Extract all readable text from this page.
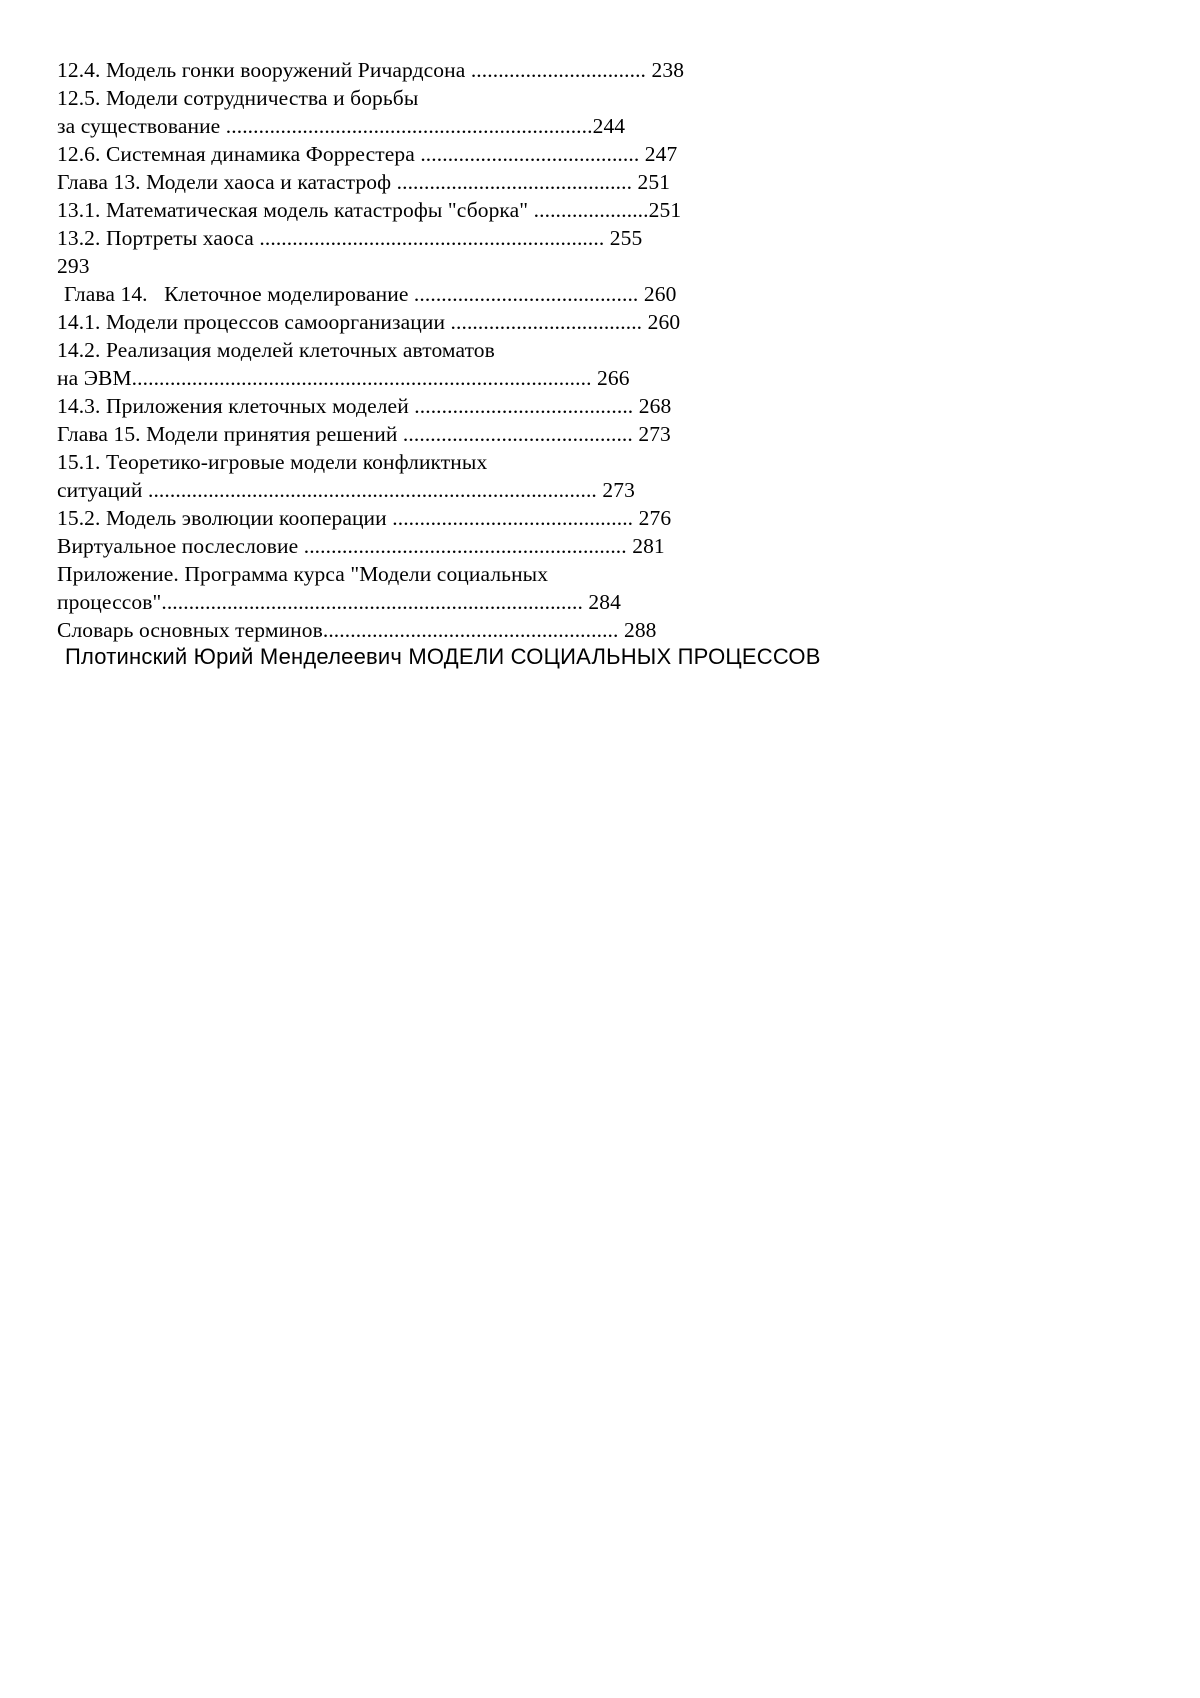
12.4. Модель гонки вооружений Ричардсона ................................ 238
12.5. Модели сотрудничества и борьбы
за существование ...................................................................244
12.6. Системная динамика Форрестера ........................................ 247
Глава 13. Модели хаоса и катастроф ........................................... 251
13.1. Математическая модель катастрофы "сборка" .....................251
13.2. Портреты хаоса ............................................................... 255
293
Глава 14.   Клеточное моделирование ......................................... 260
14.1. Модели процессов самоорганизации ................................... 260
14.2. Реализация моделей клеточных автоматов
на ЭВМ.................................................................................... 266
14.3. Приложения клеточных моделей ........................................ 268
Глава 15. Модели принятия решений .......................................... 273
15.1. Теоретико-игровые модели конфликтных
ситуаций .................................................................................. 273
15.2. Модель эволюции кооперации ............................................ 276
Виртуальное послесловие ........................................................... 281
Приложение. Программа курса "Модели социальных
процессов"............................................................................. 284
Словарь основных терминов...................................................... 288
Плотинский Юрий Менделеевич МОДЕЛИ СОЦИАЛЬНЫХ ПРОЦЕССОВ
